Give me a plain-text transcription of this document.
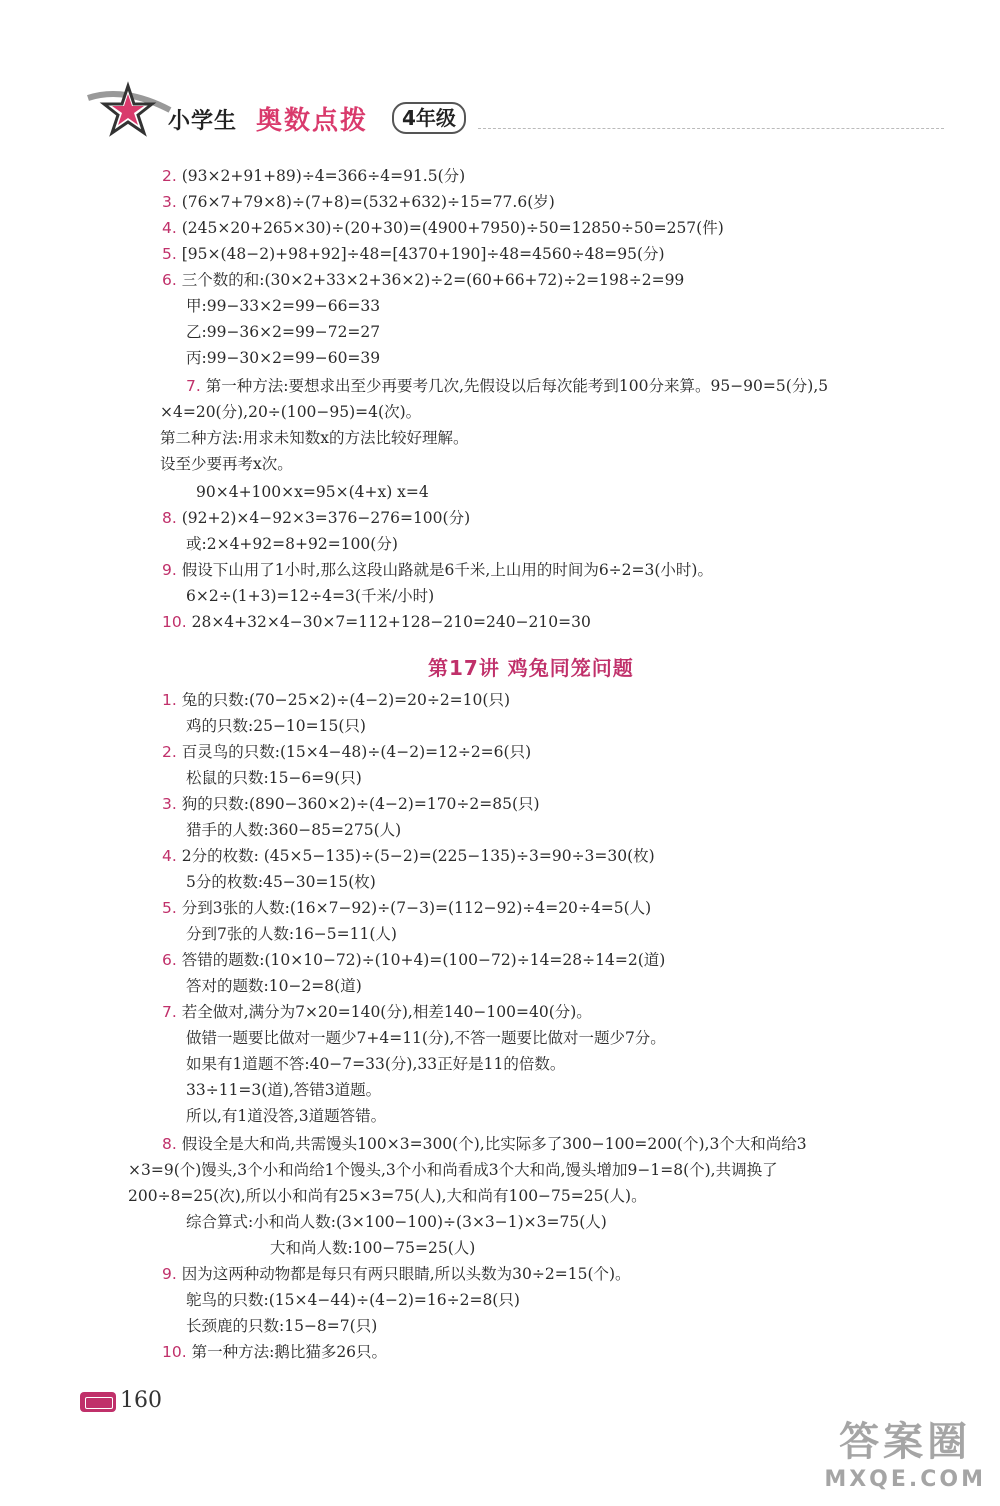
小学生 奥数点拨	4年级
2. (93×2+91+89)÷4=366÷4=91.5(分)
3. (76×7+79×8)÷(7+8)=(532+632)÷15=77.6(岁)
4. (245×20+265×30)÷(20+30)=(4900+7950)÷50=12850÷50=257(件)
5. [95×(48−2)+98+92]÷48=[4370+190]÷48=4560÷48=95(分)
6. 三个数的和:(30×2+33×2+36×2)÷2=(60+66+72)÷2=198÷2=99
甲:99−33×2=99−66=33
乙:99−36×2=99−72=27
丙:99−30×2=99−60=39
7. 第一种方法:要想求出至少再要考几次,先假设以后每次能考到100分来算。95−90=5(分),5
×4=20(分),20÷(100−95)=4(次)。
第二种方法:用求未知数x的方法比较好理解。
设至少要再考x次。
90×4+100×x=95×(4+x) x=4
8. (92+2)×4−92×3=376−276=100(分)
或:2×4+92=8+92=100(分)
9. 假设下山用了1小时,那么这段山路就是6千米,上山用的时间为6÷2=3(小时)。
6×2÷(1+3)=12÷4=3(千米/小时)
10. 28×4+32×4−30×7=112+128−210=240−210=30
第17讲 鸡兔同笼问题
1. 兔的只数:(70−25×2)÷(4−2)=20÷2=10(只)
鸡的只数:25−10=15(只)
2. 百灵鸟的只数:(15×4−48)÷(4−2)=12÷2=6(只)
松鼠的只数:15−6=9(只)
3. 狗的只数:(890−360×2)÷(4−2)=170÷2=85(只)
猎手的人数:360−85=275(人)
4. 2分的枚数: (45×5−135)÷(5−2)=(225−135)÷3=90÷3=30(枚)
5分的枚数:45−30=15(枚)
5. 分到3张的人数:(16×7−92)÷(7−3)=(112−92)÷4=20÷4=5(人)
分到7张的人数:16−5=11(人)
6. 答错的题数:(10×10−72)÷(10+4)=(100−72)÷14=28÷14=2(道)
答对的题数:10−2=8(道)
7. 若全做对,满分为7×20=140(分),相差140−100=40(分)。
做错一题要比做对一题少7+4=11(分),不答一题要比做对一题少7分。
如果有1道题不答:40−7=33(分),33正好是11的倍数。
33÷11=3(道),答错3道题。
所以,有1道没答,3道题答错。
8. 假设全是大和尚,共需馒头100×3=300(个),比实际多了300−100=200(个),3个大和尚给3
×3=9(个)馒头,3个小和尚给1个馒头,3个小和尚看成3个大和尚,馒头增加9−1=8(个),共调换了
200÷8=25(次),所以小和尚有25×3=75(人),大和尚有100−75=25(人)。
综合算式:小和尚人数:(3×100−100)÷(3×3−1)×3=75(人)
大和尚人数:100−75=25(人)
9. 因为这两种动物都是每只有两只眼睛,所以头数为30÷2=15(个)。
鸵鸟的只数:(15×4−44)÷(4−2)=16÷2=8(只)
长颈鹿的只数:15−8=7(只)
10. 第一种方法:鹅比猫多26只。
160
答案圈
MXQE.COM
